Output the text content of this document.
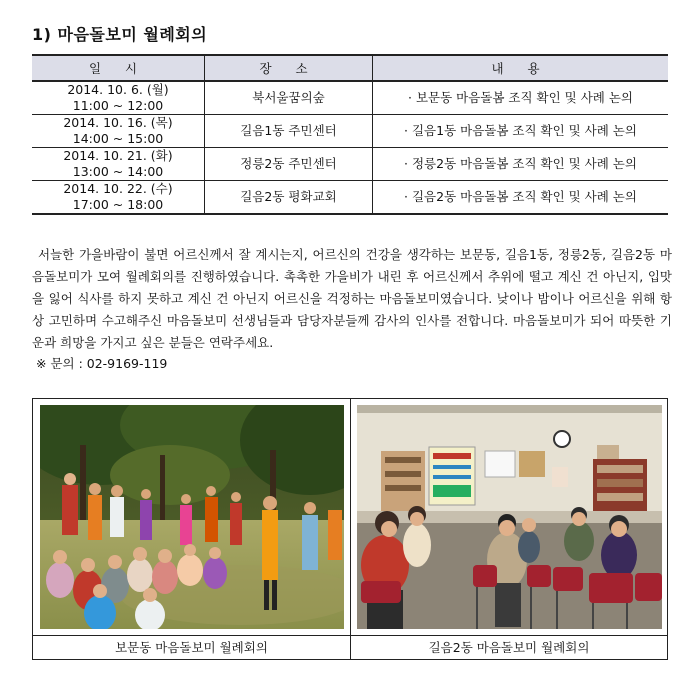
1) 마음돌보미 월례회의
일 시	장 소	내 용
2014. 10. 6. (월)
11:00 ~ 12:00	북서울꿈의숲	· 보문동 마음돌봄 조직 확인 및 사례 논의
2014. 10. 16. (목)
14:00 ~ 15:00	길음1동 주민센터	· 길음1동 마음돌봄 조직 확인 및 사례 논의
2014. 10. 21. (화)
13:00 ~ 14:00	정릉2동 주민센터	· 정릉2동 마음돌봄 조직 확인 및 사례 논의
2014. 10. 22. (수)
17:00 ~ 18:00	길음2동 평화교회	· 길음2동 마음돌봄 조직 확인 및 사례 논의
서늘한 가을바람이 불면 어르신께서 잘 계시는지, 어르신의 건강을 생각하는 보문동, 길음1동, 정릉2동, 길음2동 마음돌보미가 모여 월례회의를 진행하였습니다. 촉촉한 가을비가 내린 후 어르신께서 추위에 떨고 계신 건 아닌지, 입맛을 잃어 식사를 하지 못하고 계신 건 아닌지 어르신을 걱정하는 마음돌보미였습니다. 낮이나 밤이나 어르신을 위해 항상 고민하며 수고해주신 마음돌보미 선생님들과 담당자분들께 감사의 인사를 전합니다. 마음돌보미가 되어 따뜻한 기운과 희망을 가지고 싶은 분들은 연락주세요.
※ 문의 : 02-9169-119
보문동 마음돌보미 월례회의	길음2동 마음돌보미 월례회의
